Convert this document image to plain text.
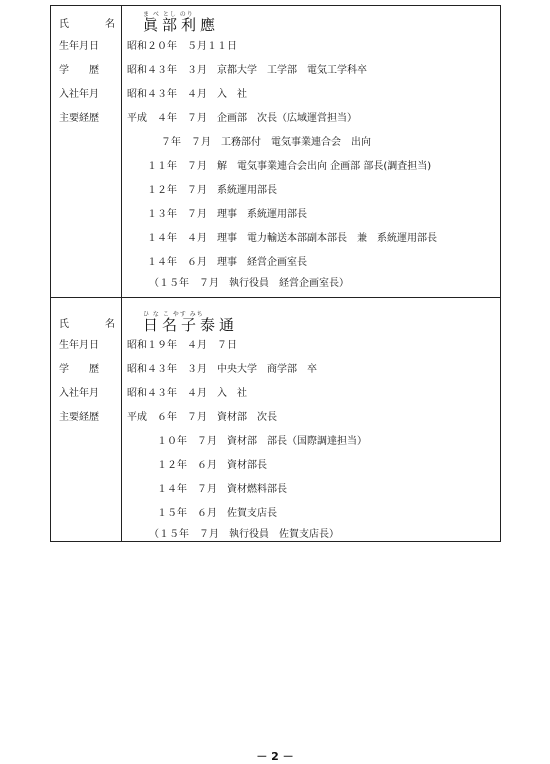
ま べ とし のり
氏	名 眞部利應
生年月日	昭和２０年　５月１１日
学　　歴	昭和４３年　３月　京都大学　工学部　電気工学科卒
入社年月	昭和４３年　４月　入　社
主要経歴	平成　４年　７月　企画部　次長（広域運営担当）
７年　７月　工務部付　電気事業連合会　出向
１１年　７月　解　電気事業連合会出向 企画部 部長(調査担当)
１２年　７月　系統運用部長
１３年　７月　理事　系統運用部長
１４年　４月　理事　電力輸送本部副本部長　兼　系統運用部長
１４年　６月　理事　経営企画室長
（１５年　７月　執行役員　経営企画室長）
ひ な こ やす みち
氏	名 日名子泰通
生年月日	昭和１９年　４月　７日
学　　歴	昭和４３年　３月　中央大学　商学部　卒
入社年月	昭和４３年　４月　入　社
主要経歴	平成　６年　７月　資材部　次長
１０年　７月　資材部　部長（国際調達担当）
１２年　６月　資材部長
１４年　７月　資材燃料部長
１５年　６月　佐賀支店長
（１５年　７月　執行役員　佐賀支店長）
－ 2 －
